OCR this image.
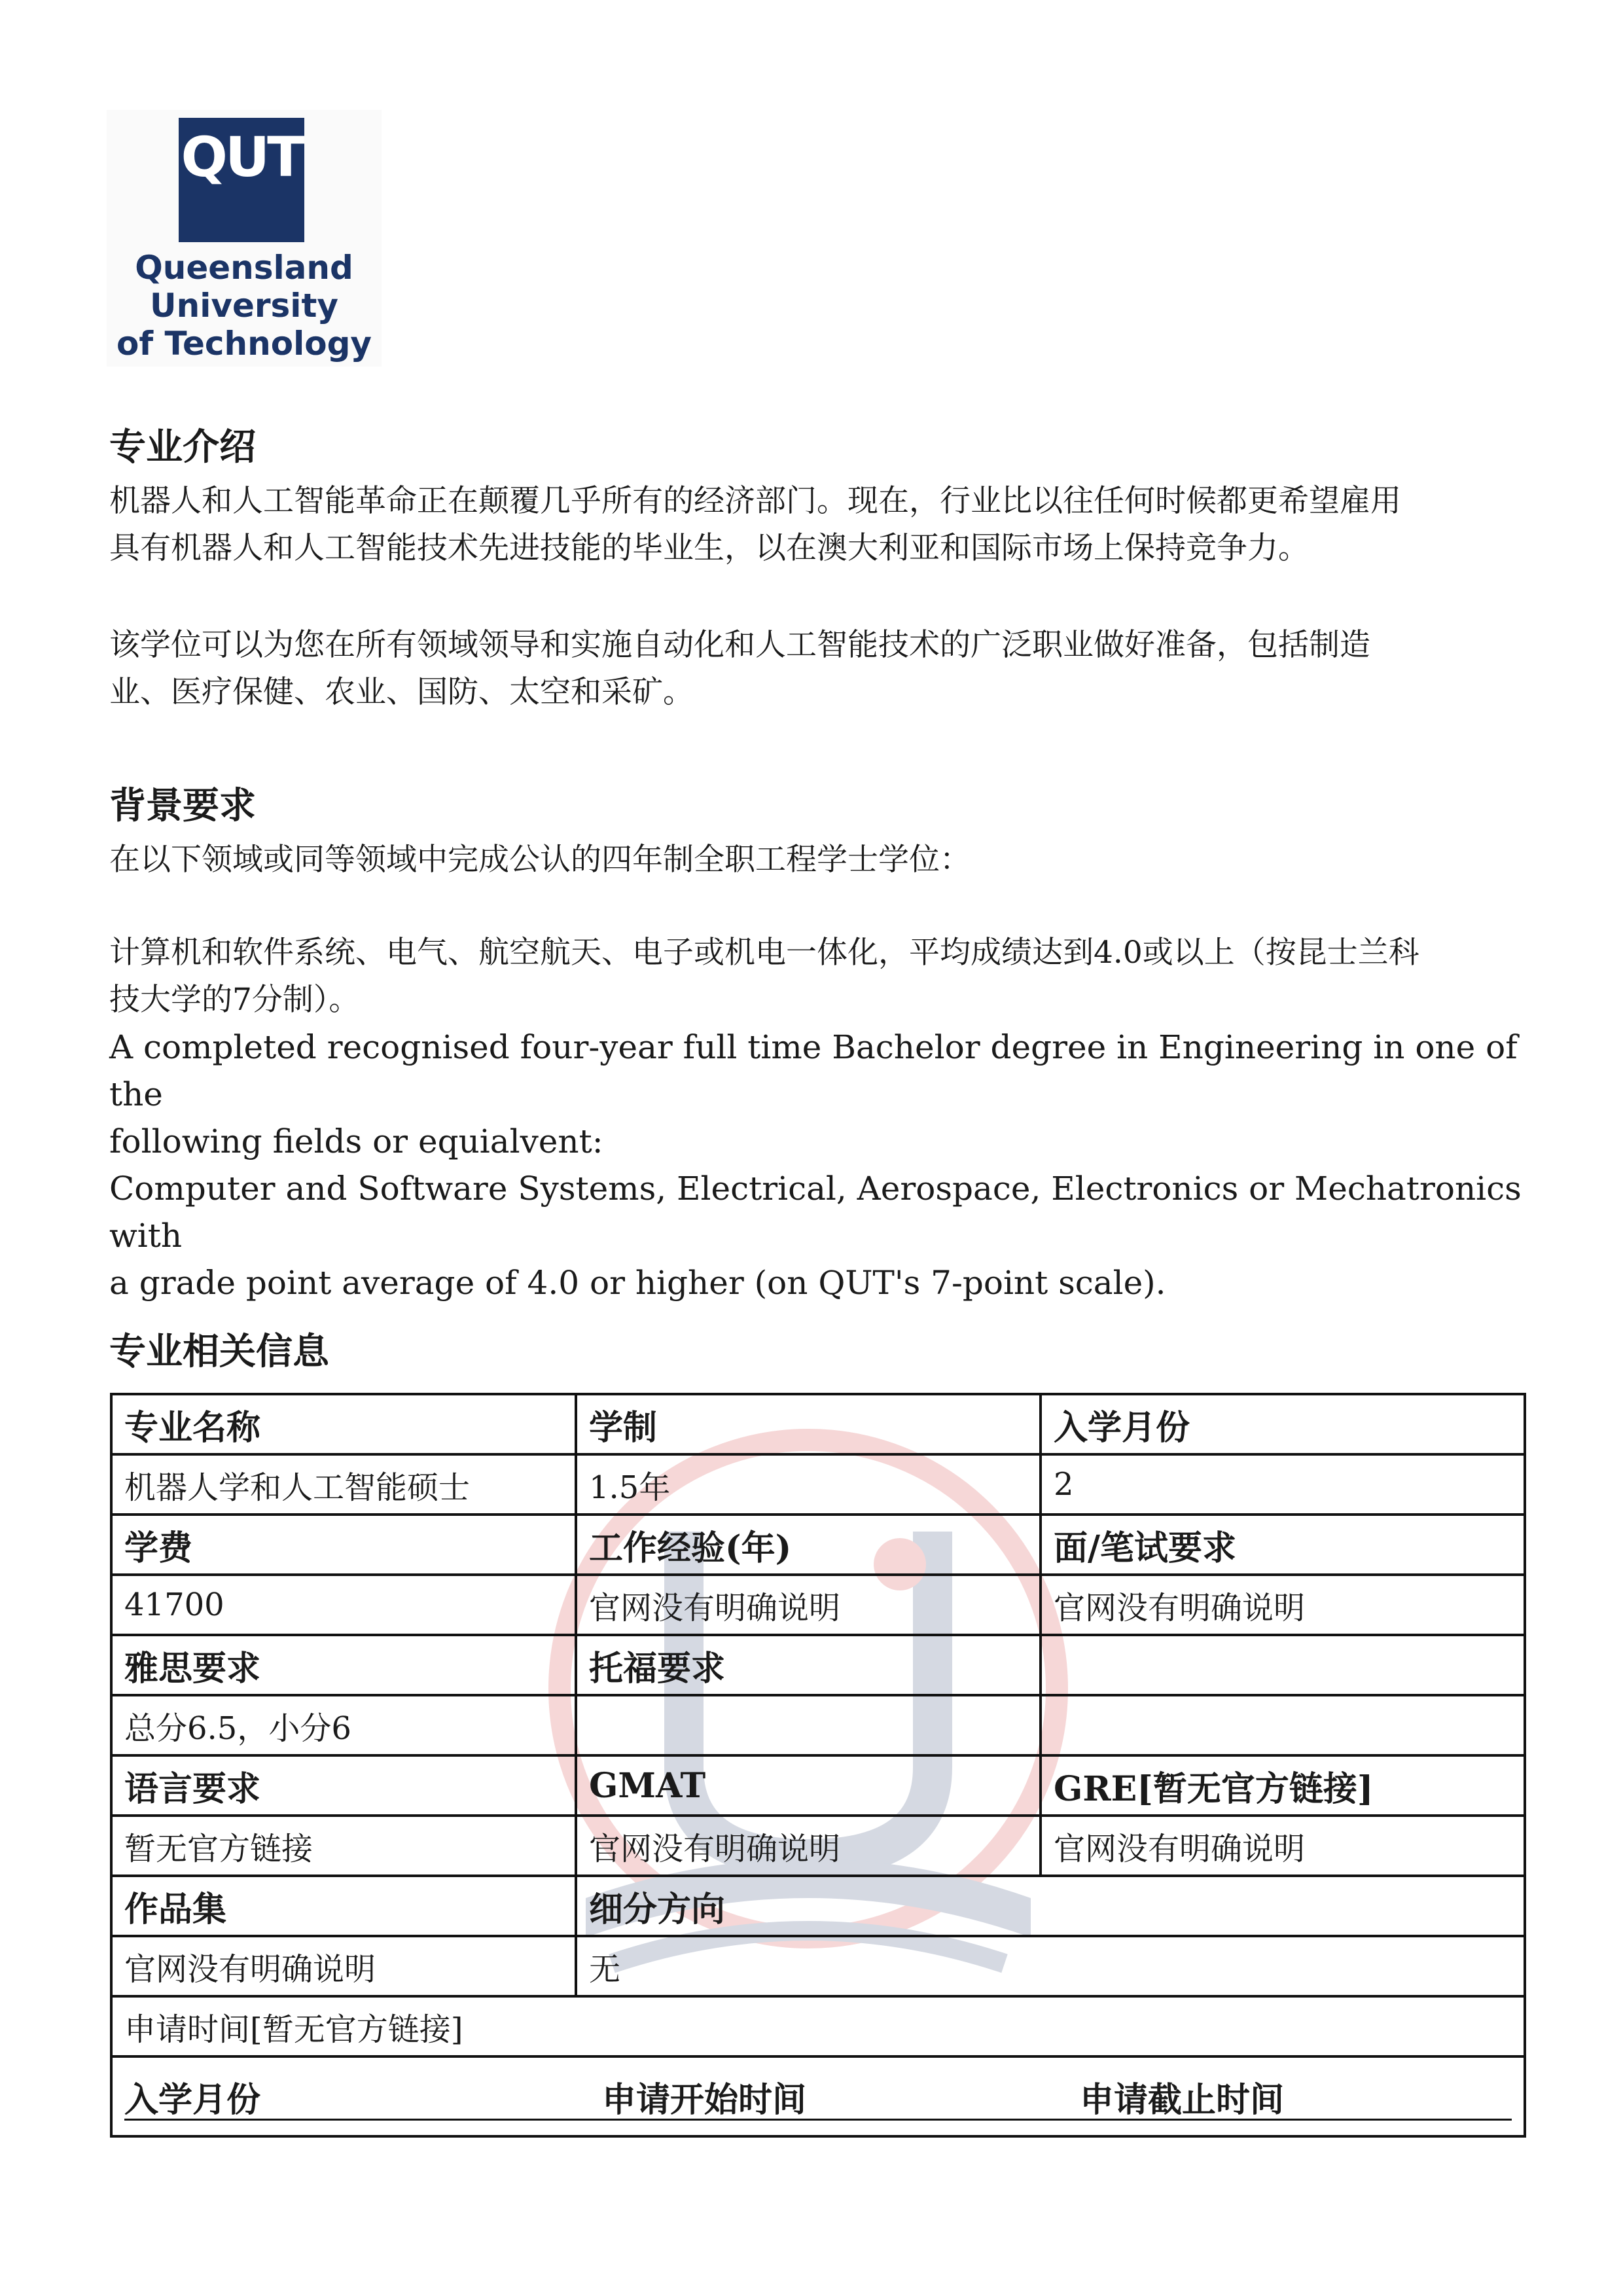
QUT
Queensland
University
of Technology
专业介绍

机器人和人工智能革命正在颠覆几乎所有的经济部门。现在，行业比以往任何时候都更希望雇用
具有机器人和人工智能技术先进技能的毕业生，以在澳大利亚和国际市场上保持竞争力。

该学位可以为您在所有领域领导和实施自动化和人工智能技术的广泛职业做好准备，包括制造
业、医疗保健、农业、国防、太空和采矿。

背景要求

在以下领域或同等领域中完成公认的四年制全职工程学士学位：

计算机和软件系统、电气、航空航天、电子或机电一体化，平均成绩达到4.0或以上（按昆士兰科
技大学的7分制）。

A completed recognised four-year full time Bachelor degree in Engineering in one of the
following fields or equialvent:

Computer and Software Systems, Electrical, Aerospace, Electronics or Mechatronics with
a grade point average of 4.0 or higher (on QUT's 7-point scale).

专业相关信息
专业名称	学制	入学月份
机器人学和人工智能硕士	1.5年	2
学费	工作经验(年)	面/笔试要求
41700	官网没有明确说明	官网没有明确说明
雅思要求	托福要求	
总分6.5，小分6		
语言要求	GMAT	GRE[暂无官方链接]
暂无官方链接	官网没有明确说明	官网没有明确说明
作品集	细分方向	
官网没有明确说明	无	
申请时间[暂无官方链接]		

入学月份 申请开始时间 申请截止时间		
